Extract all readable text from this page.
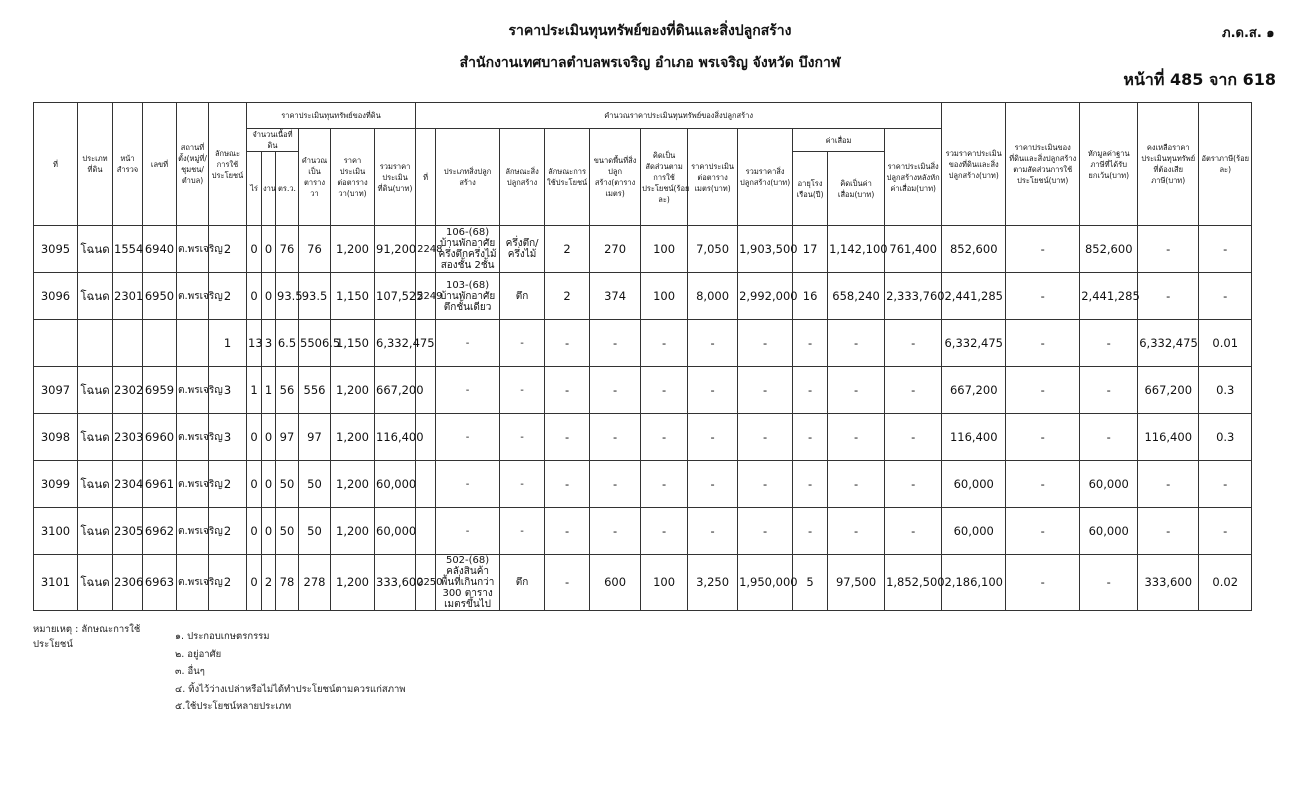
ราคาประเมินทุนทรัพย์ของที่ดินและสิ่งปลูกสร้าง	ภ.ด.ส. ๑
สำนักงานเทศบาลตำบลพรเจริญ อำเภอ พรเจริญ จังหวัด บึงกาฬ
หน้าที่ 485 จาก 618
ที่	ประเภทที่ดิน	หน้าสำรวจ	เลขที่	สถานที่ตั้ง(หมู่ที่/ชุมชน/ตำบล)	ลักษณะการใช้ประโยชน์	ราคาประเมินทุนทรัพย์ของที่ดิน						คำนวณราคาประเมินทุนทรัพย์ของสิ่งปลูกสร้าง											รวมราคาประเมินของที่ดินและสิ่งปลูกสร้าง(บาท)	ราคาประเมินของที่ดินและสิ่งปลูกสร้างตามสัดส่วนการใช้ประโยชน์(บาท)	หักมูลค่าฐานภาษีที่ได้รับยกเว้น(บาท)	คงเหลือราคาประเมินทุนทรัพย์ที่ต้องเสียภาษี(บาท)	อัตราภาษี(ร้อยละ)
						จำนวนเนื้อที่ดิน			คำนวณเป็นตารางวา	ราคาประเมินต่อตารางวา(บาท)	รวมราคาประเมินที่ดิน(บาท)	ที่	ประเภทสิ่งปลูกสร้าง	ลักษณะสิ่งปลูกสร้าง	ลักษณะการใช้ประโยชน์	ขนาดพื้นที่สิ่งปลูกสร้าง(ตารางเมตร)	คิดเป็นสัดส่วนตามการใช้ประโยชน์(ร้อยละ)	ราคาประเมินต่อตารางเมตร(บาท)	รวมราคาสิ่งปลูกสร้าง(บาท)	ค่าเสื่อม		ราคาประเมินสิ่งปลูกสร้างหลังหักค่าเสื่อม(บาท)					
						ไร่	งาน	ตร.ว.												อายุโรงเรือน(ปี)	คิดเป็นค่าเสื่อม(บาท)						
3095	โฉนด	1554	6940	ต.พรเจริญ	2	0	0	76	76	1,200	91,200	2248	106-(68) บ้านพักอาศัยครึ่งตึกครึ่งไม้สองชั้น 2ชั้น	ครึ่งตึก/ครึ่งไม้	2	270	100	7,050	1,903,500	17	1,142,100	761,400	852,600	-	852,600	-	-
3096	โฉนด	2301	6950	ต.พรเจริญ	2	0	0	93.5	93.5	1,150	107,525	2249	103-(68) บ้านพักอาศัยตึกชั้นเดียว	ตึก	2	374	100	8,000	2,992,000	16	658,240	2,333,760	2,441,285	-	2,441,285	-	-
					1	13	3	6.5	5506.5	1,150	6,332,475		-	-	-	-	-	-	-	-	-	-	6,332,475	-	-	6,332,475	0.01
3097	โฉนด	2302	6959	ต.พรเจริญ	3	1	1	56	556	1,200	667,200		-	-	-	-	-	-	-	-	-	-	667,200	-	-	667,200	0.3
3098	โฉนด	2303	6960	ต.พรเจริญ	3	0	0	97	97	1,200	116,400		-	-	-	-	-	-	-	-	-	-	116,400	-	-	116,400	0.3
3099	โฉนด	2304	6961	ต.พรเจริญ	2	0	0	50	50	1,200	60,000		-	-	-	-	-	-	-	-	-	-	60,000	-	60,000	-	-
3100	โฉนด	2305	6962	ต.พรเจริญ	2	0	0	50	50	1,200	60,000		-	-	-	-	-	-	-	-	-	-	60,000	-	60,000	-	-
3101	โฉนด	2306	6963	ต.พรเจริญ	2	0	2	78	278	1,200	333,600	2250	502-(68) คลังสินค้า พื้นที่เกินกว่า 300 ตารางเมตรขึ้นไป	ตึก	-	600	100	3,250	1,950,000	5	97,500	1,852,500	2,186,100	-	-	333,600	0.02
หมายเหตุ : ลักษณะการใช้ประโยชน์
๑. ประกอบเกษตรกรรม
๒. อยู่อาศัย
๓. อื่นๆ
๔. ทิ้งไว้ว่างเปล่าหรือไม่ได้ทำประโยชน์ตามควรแก่สภาพ
๕.ใช้ประโยชน์หลายประเภท
